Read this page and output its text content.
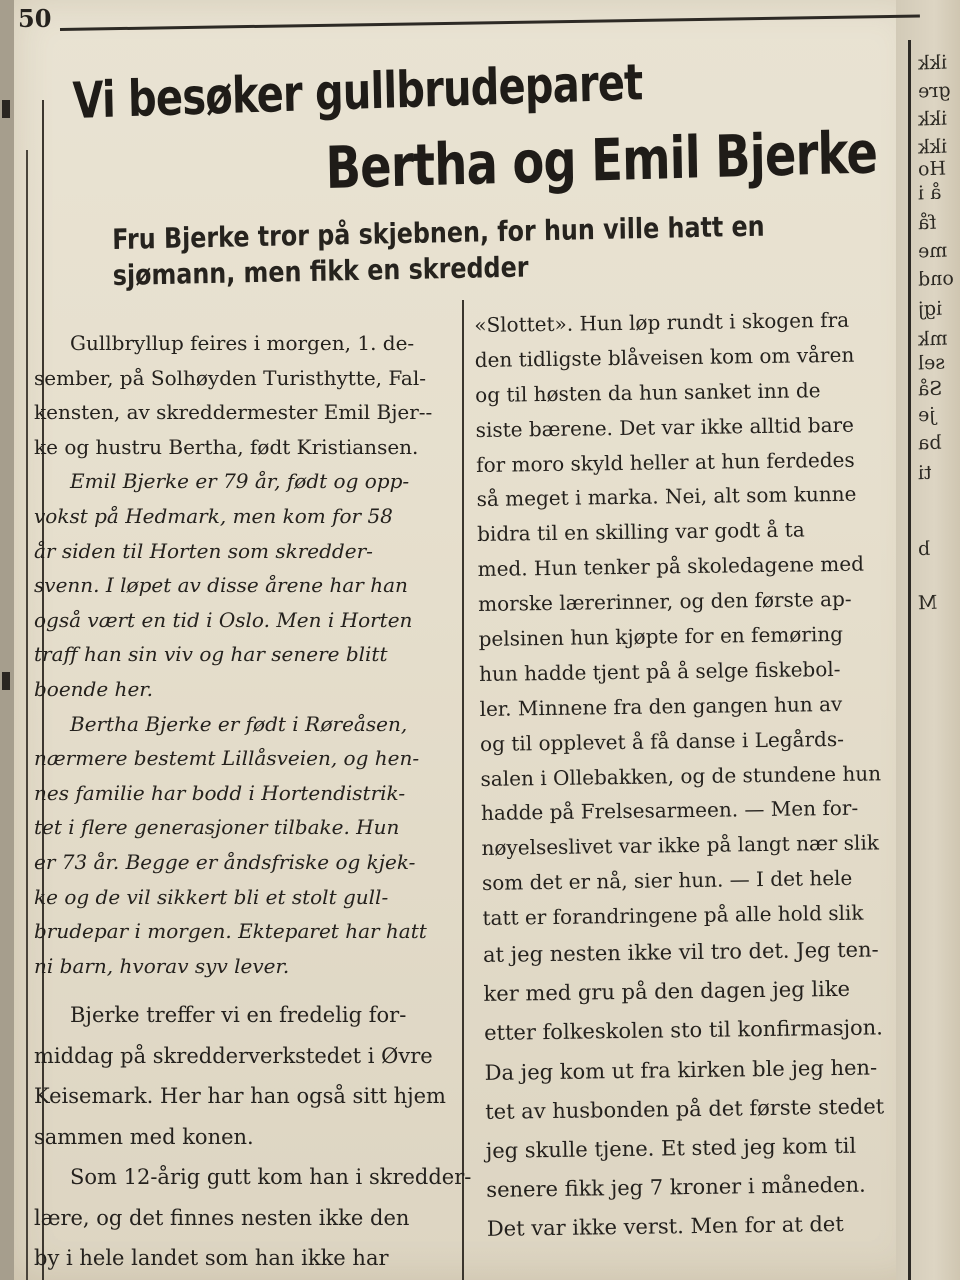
ikk
gre
ikk
ikk
Ho
å i
få
me
ond
igj
mk
sel
Så
je
ba
ti
b
M
50
Vi besøker gullbrudeparet
Bertha og Emil Bjerke
Fru Bjerke tror på skjebnen, for hun ville hatt en sjømann, men fikk en skredder
Gullbryllup feires i morgen, 1. de-
sember, på Solhøyden Turisthytte, Fal-
kensten, av skreddermester Emil Bjer--
ke og hustru Bertha, født Kristiansen.
Emil Bjerke er 79 år, født og opp-
vokst på Hedmark, men kom for 58
år siden til Horten som skredder-
svenn. I løpet av disse årene har han
også vært en tid i Oslo. Men i Horten
traff han sin viv og har senere blitt
boende her.
Bertha Bjerke er født i Røreåsen,
nærmere bestemt Lillåsveien, og hen-
nes familie har bodd i Hortendistrik-
tet i flere generasjoner tilbake. Hun
er 73 år. Begge er åndsfriske og kjek-
ke og de vil sikkert bli et stolt gull-
brudepar i morgen. Ekteparet har hatt
ni barn, hvorav syv lever.
Bjerke treffer vi en fredelig for-
middag på skredderverkstedet i Øvre
Keisemark. Her har han også sitt hjem
sammen med konen.
Som 12-årig gutt kom han i skredder-
lære, og det finnes nesten ikke den
by i hele landet som han ikke har
«Slottet». Hun løp rundt i skogen fra
den tidligste blåveisen kom om våren
og til høsten da hun sanket inn de
siste bærene. Det var ikke alltid bare
for moro skyld heller at hun ferdedes
så meget i marka. Nei, alt som kunne
bidra til en skilling var godt å ta
med. Hun tenker på skoledagene med
morske lærerinner, og den første ap-
pelsinen hun kjøpte for en femøring
hun hadde tjent på å selge fiskebol-
ler. Minnene fra den gangen hun av
og til opplevet å få danse i Legårds-
salen i Ollebakken, og de stundene hun
hadde på Frelsesarmeen. — Men for-
nøyelseslivet var ikke på langt nær slik
som det er nå, sier hun. — I det hele
tatt er forandringene på alle hold slik
at jeg nesten ikke vil tro det. Jeg ten-
ker med gru på den dagen jeg like
etter folkeskolen sto til konfirmasjon.
Da jeg kom ut fra kirken ble jeg hen-
tet av husbonden på det første stedet
jeg skulle tjene. Et sted jeg kom til
senere fikk jeg 7 kroner i måneden.
Det var ikke verst. Men for at det
